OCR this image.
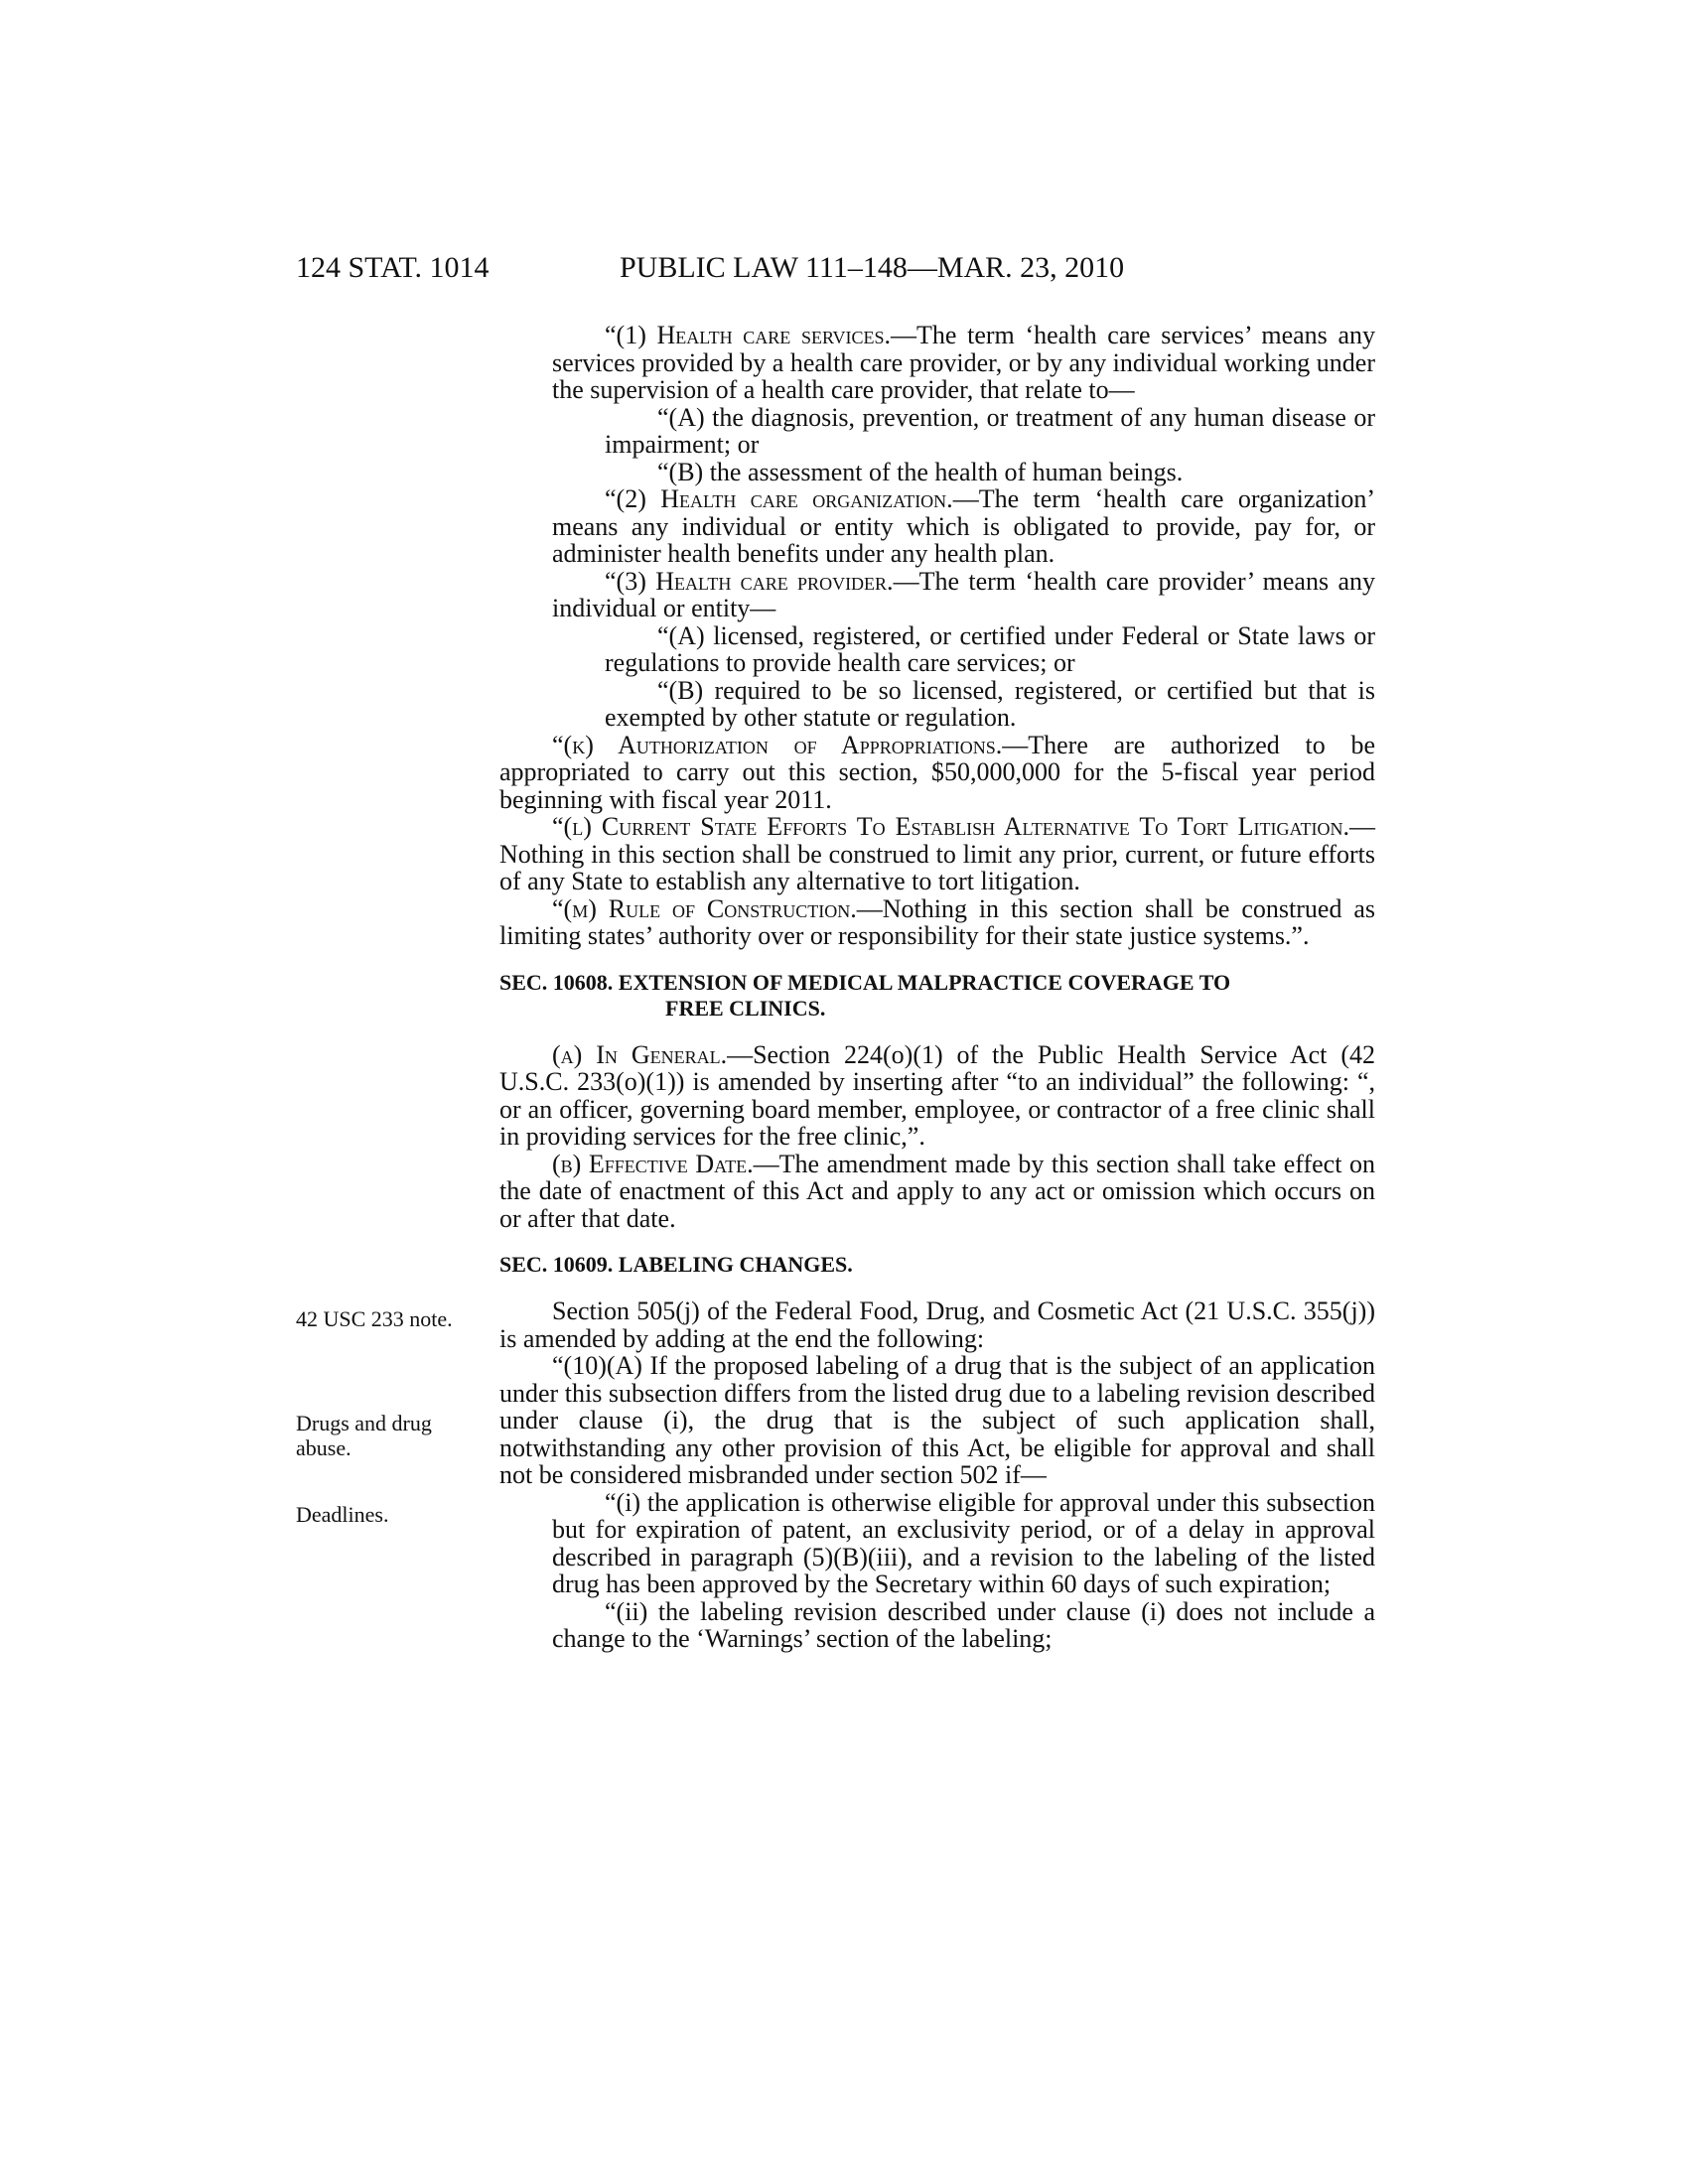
124 STAT. 1014	PUBLIC LAW 111–148—MAR. 23, 2010
42 USC 233 note.
Drugs and drug abuse.
Deadlines.

“(1) Health care services.—The term ‘health care services’ means any services provided by a health care provider, or by any individual working under the supervision of a health care provider, that relate to—

“(A) the diagnosis, prevention, or treatment of any human disease or impairment; or

“(B) the assessment of the health of human beings.

“(2) Health care organization.—The term ‘health care organization’ means any individual or entity which is obligated to provide, pay for, or administer health benefits under any health plan.

“(3) Health care provider.—The term ‘health care provider’ means any individual or entity—

“(A) licensed, registered, or certified under Federal or State laws or regulations to provide health care services; or

“(B) required to be so licensed, registered, or certified but that is exempted by other statute or regulation.

“(k) Authorization of Appropriations.—There are authorized to be appropriated to carry out this section, $50,000,000 for the 5-fiscal year period beginning with fiscal year 2011.

“(l) Current State Efforts To Establish Alternative To Tort Litigation.—Nothing in this section shall be construed to limit any prior, current, or future efforts of any State to establish any alternative to tort litigation.

“(m) Rule of Construction.—Nothing in this section shall be construed as limiting states’ authority over or responsibility for their state justice systems.”.

SEC. 10608. EXTENSION OF MEDICAL MALPRACTICE COVERAGE TO
FREE CLINICS.

(a) In General.—Section 224(o)(1) of the Public Health Service Act (42 U.S.C. 233(o)(1)) is amended by inserting after “to an individual” the following: “, or an officer, governing board member, employee, or contractor of a free clinic shall in providing services for the free clinic,”.

(b) Effective Date.—The amendment made by this section shall take effect on the date of enactment of this Act and apply to any act or omission which occurs on or after that date.

SEC. 10609. LABELING CHANGES.

Section 505(j) of the Federal Food, Drug, and Cosmetic Act (21 U.S.C. 355(j)) is amended by adding at the end the following:

“(10)(A) If the proposed labeling of a drug that is the subject of an application under this subsection differs from the listed drug due to a labeling revision described under clause (i), the drug that is the subject of such application shall, notwithstanding any other provision of this Act, be eligible for approval and shall not be considered misbranded under section 502 if—

“(i) the application is otherwise eligible for approval under this subsection but for expiration of patent, an exclusivity period, or of a delay in approval described in paragraph (5)(B)(iii), and a revision to the labeling of the listed drug has been approved by the Secretary within 60 days of such expiration;

“(ii) the labeling revision described under clause (i) does not include a change to the ‘Warnings’ section of the labeling;
